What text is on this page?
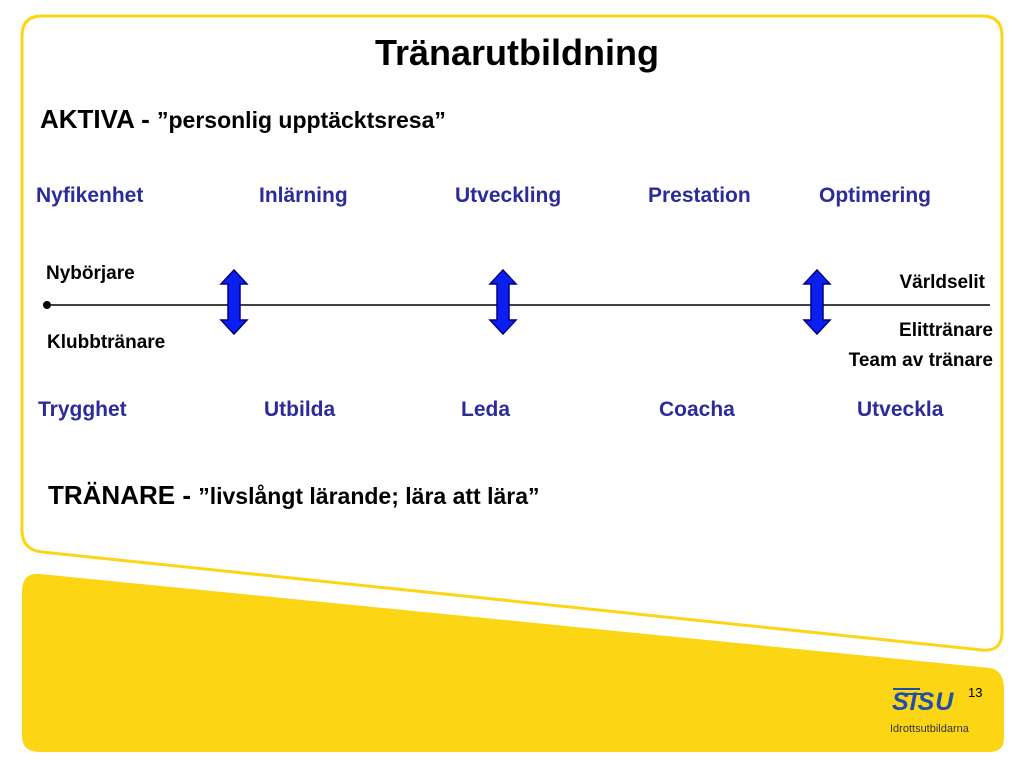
Tränarutbildning
AKTIVA - ”personlig upptäcktsresa”
Nyfikenhet	Inlärning	Utveckling	Prestation	Optimering
Nybörjare
Klubbtränare
Världselit
Elittränare
Team av tränare
Trygghet	Utbilda	Leda	Coacha	Utveckla
TRÄNARE - ”livslångt lärande; lära att lära”
13
SISU
Idrottsutbildarna
